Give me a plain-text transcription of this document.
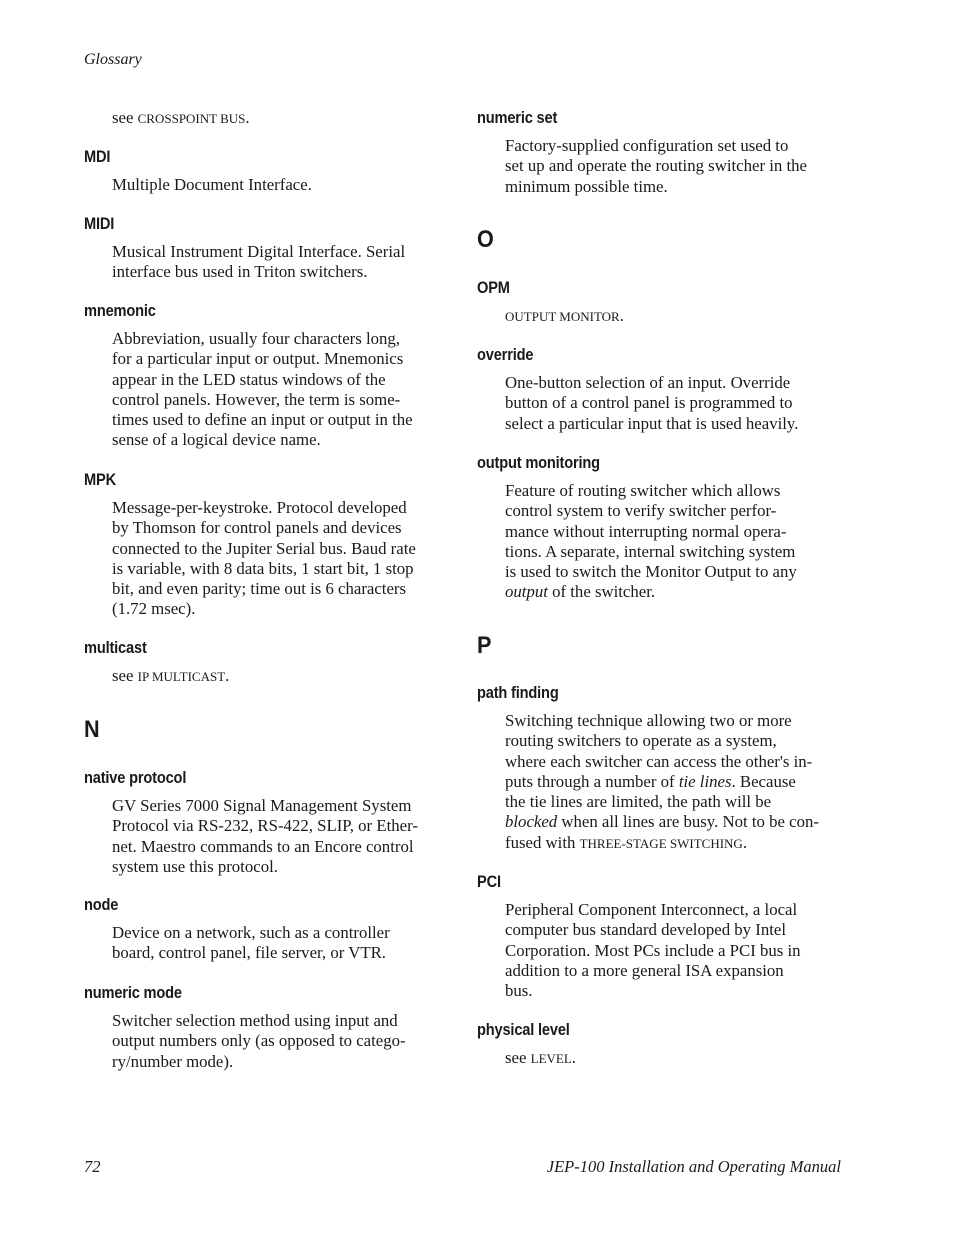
Glossary
see CROSSPOINT BUS.
MDI
Multiple Document Interface.
MIDI
Musical Instrument Digital Interface. Serial
interface bus used in Triton switchers.
mnemonic
Abbreviation, usually four characters long,
for a particular input or output. Mnemonics
appear in the LED status windows of the
control panels. However, the term is some-
times used to define an input or output in the
sense of a logical device name.
MPK
Message-per-keystroke. Protocol developed
by Thomson for control panels and devices
connected to the Jupiter Serial bus. Baud rate
is variable, with 8 data bits, 1 start bit, 1 stop
bit, and even parity; time out is 6 characters
(1.72 msec).
multicast
see IP MULTICAST.
N
native protocol
GV Series 7000 Signal Management System
Protocol via RS-232, RS-422, SLIP, or Ether-
net. Maestro commands to an Encore control
system use this protocol.
node
Device on a network, such as a controller
board, control panel, file server, or VTR.
numeric mode
Switcher selection method using input and
output numbers only (as opposed to catego-
ry/number mode).
numeric set
Factory-supplied configuration set used to
set up and operate the routing switcher in the
minimum possible time.
O
OPM
OUTPUT MONITOR.
override
One-button selection of an input. Override
button of a control panel is programmed to
select a particular input that is used heavily.
output monitoring
Feature of routing switcher which allows
control system to verify switcher perfor-
mance without interrupting normal opera-
tions. A separate, internal switching system
is used to switch the Monitor Output to any
output of the switcher.
P
path finding
Switching technique allowing two or more
routing switchers to operate as a system,
where each switcher can access the other's in-
puts through a number of tie lines. Because
the tie lines are limited, the path will be
blocked when all lines are busy. Not to be con-
fused with THREE-STAGE SWITCHING.
PCI
Peripheral Component Interconnect, a local
computer bus standard developed by Intel
Corporation. Most PCs include a PCI bus in
addition to a more general ISA expansion
bus.
physical level
see LEVEL.
72	JEP-100 Installation and Operating Manual
